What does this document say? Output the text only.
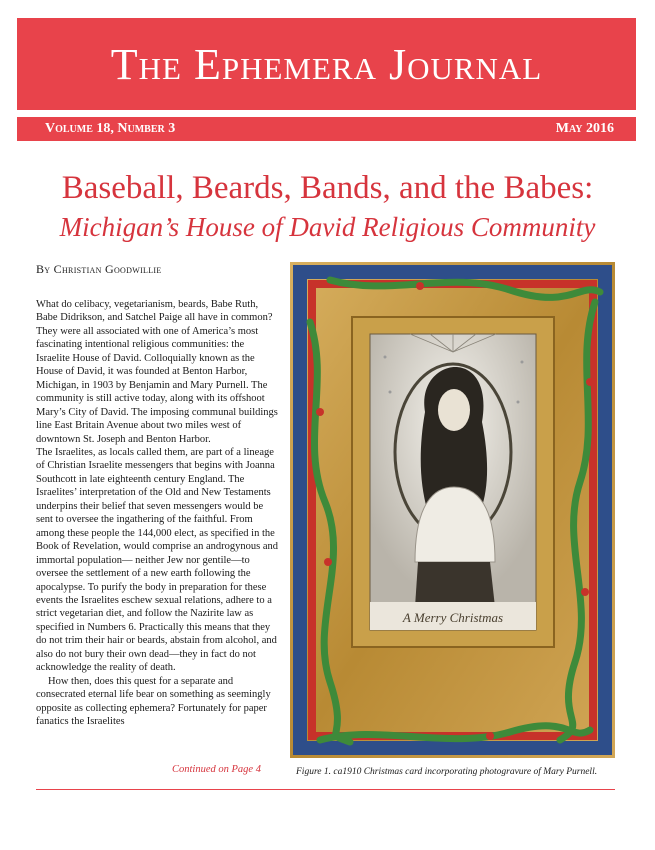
The Ephemera Journal
Volume 18, Number 3	May 2016
Baseball, Beards, Bands, and the Babes:
Michigan’s House of David Religious Community
By Christian Goodwillie

What do celibacy, vegetarianism, beards, Babe Ruth, Babe Didrikson, and Satchel Paige all have in common? They were all associated with one of America’s most fascinating intentional religious communities: the Israelite House of David. Colloquially known as the House of David, it was founded at Benton Harbor, Michigan, in 1903 by Benjamin and Mary Purnell. The community is still active today, along with its offshoot Mary’s City of David. The imposing communal buildings line East Britain Avenue about two miles west of downtown St. Joseph and Benton Harbor.

The Israelites, as locals called them, are part of a lineage of Christian Israelite messengers that begins with Joanna Southcott in late eighteenth century England. The Israelites’ interpretation of the Old and New Testaments underpins their belief that seven messengers would be sent to oversee the ingathering of the faithful. From among these people the 144,000 elect, as specified in the Book of Revelation, would comprise an androgynous and immortal population— neither Jew nor gentile—to oversee the settlement of a new earth following the apocalypse. To purify the body in preparation for these events the Israelites eschew sexual relations, adhere to a strict vegetarian diet, and follow the Nazirite law as specified in Numbers 6. Practically this means that they do not trim their hair or beards, abstain from alcohol, and also do not bury their own dead—they in fact do not acknowledge the reality of death.

How then, does this quest for a separate and consecrated eternal life bear on something as seemingly opposite as collecting ephemera? Fortunately for paper fanatics the Israelites

Continued on Page 4
A Merry Christmas
Figure 1. ca1910 Christmas card incorporating photogravure of Mary Purnell.
